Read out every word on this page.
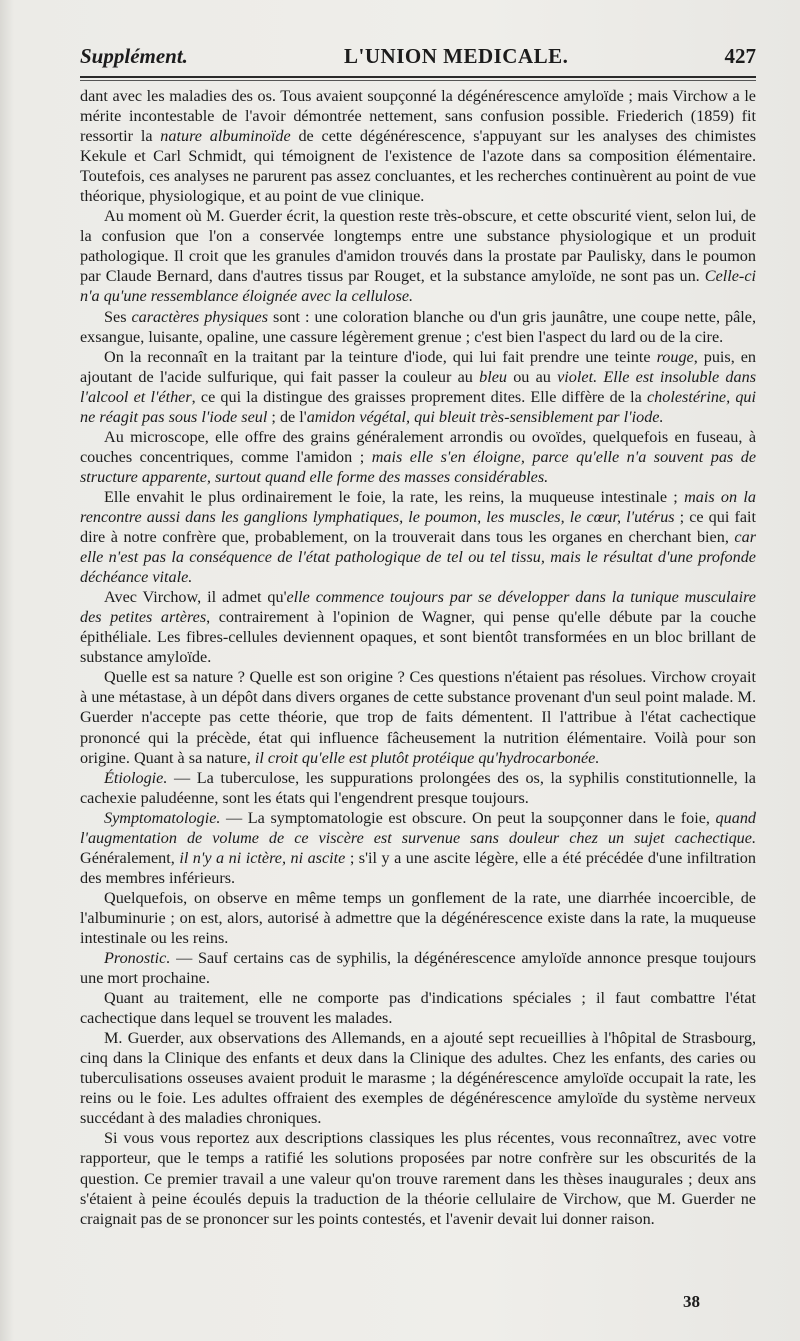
Supplément.	L'UNION MEDICALE.	427

dant avec les maladies des os. Tous avaient soupçonné la dégénérescence amyloïde ; mais Virchow a le mérite incontestable de l'avoir démontrée nettement, sans confusion possible. Friederich (1859) fit ressortir la nature albuminoïde de cette dégénérescence, s'appuyant sur les analyses des chimistes Kekule et Carl Schmidt, qui témoignent de l'existence de l'azote dans sa composition élémentaire. Toutefois, ces analyses ne parurent pas assez concluantes, et les recherches continuèrent au point de vue théorique, physiologique, et au point de vue clinique.

Au moment où M. Guerder écrit, la question reste très-obscure, et cette obscurité vient, selon lui, de la confusion que l'on a conservée longtemps entre une substance physiologique et un produit pathologique. Il croit que les granules d'amidon trouvés dans la prostate par Paulisky, dans le poumon par Claude Bernard, dans d'autres tissus par Rouget, et la substance amyloïde, ne sont pas un. Celle-ci n'a qu'une ressemblance éloignée avec la cellulose.

Ses caractères physiques sont : une coloration blanche ou d'un gris jaunâtre, une coupe nette, pâle, exsangue, luisante, opaline, une cassure légèrement grenue ; c'est bien l'aspect du lard ou de la cire.

On la reconnaît en la traitant par la teinture d'iode, qui lui fait prendre une teinte rouge, puis, en ajoutant de l'acide sulfurique, qui fait passer la couleur au bleu ou au violet. Elle est insoluble dans l'alcool et l'éther, ce qui la distingue des graisses proprement dites. Elle diffère de la cholestérine, qui ne réagit pas sous l'iode seul ; de l'amidon végétal, qui bleuit très-sensiblement par l'iode.

Au microscope, elle offre des grains généralement arrondis ou ovoïdes, quelquefois en fuseau, à couches concentriques, comme l'amidon ; mais elle s'en éloigne, parce qu'elle n'a souvent pas de structure apparente, surtout quand elle forme des masses considérables.

Elle envahit le plus ordinairement le foie, la rate, les reins, la muqueuse intestinale ; mais on la rencontre aussi dans les ganglions lymphatiques, le poumon, les muscles, le cœur, l'utérus ; ce qui fait dire à notre confrère que, probablement, on la trouverait dans tous les organes en cherchant bien, car elle n'est pas la conséquence de l'état pathologique de tel ou tel tissu, mais le résultat d'une profonde déchéance vitale.

Avec Virchow, il admet qu'elle commence toujours par se développer dans la tunique musculaire des petites artères, contrairement à l'opinion de Wagner, qui pense qu'elle débute par la couche épithéliale. Les fibres-cellules deviennent opaques, et sont bientôt transformées en un bloc brillant de substance amyloïde.

Quelle est sa nature ? Quelle est son origine ? Ces questions n'étaient pas résolues. Virchow croyait à une métastase, à un dépôt dans divers organes de cette substance provenant d'un seul point malade. M. Guerder n'accepte pas cette théorie, que trop de faits démentent. Il l'attribue à l'état cachectique prononcé qui la précède, état qui influence fâcheusement la nutrition élémentaire. Voilà pour son origine. Quant à sa nature, il croit qu'elle est plutôt protéique qu'hydrocarbonée.

Étiologie. — La tuberculose, les suppurations prolongées des os, la syphilis constitutionnelle, la cachexie paludéenne, sont les états qui l'engendrent presque toujours.

Symptomatologie. — La symptomatologie est obscure. On peut la soupçonner dans le foie, quand l'augmentation de volume de ce viscère est survenue sans douleur chez un sujet cachectique. Généralement, il n'y a ni ictère, ni ascite ; s'il y a une ascite légère, elle a été précédée d'une infiltration des membres inférieurs.

Quelquefois, on observe en même temps un gonflement de la rate, une diarrhée incoercible, de l'albuminurie ; on est, alors, autorisé à admettre que la dégénérescence existe dans la rate, la muqueuse intestinale ou les reins.

Pronostic. — Sauf certains cas de syphilis, la dégénérescence amyloïde annonce presque toujours une mort prochaine.

Quant au traitement, elle ne comporte pas d'indications spéciales ; il faut combattre l'état cachectique dans lequel se trouvent les malades.

M. Guerder, aux observations des Allemands, en a ajouté sept recueillies à l'hôpital de Strasbourg, cinq dans la Clinique des enfants et deux dans la Clinique des adultes. Chez les enfants, des caries ou tuberculisations osseuses avaient produit le marasme ; la dégénérescence amyloïde occupait la rate, les reins ou le foie. Les adultes offraient des exemples de dégénérescence amyloïde du système nerveux succédant à des maladies chroniques.

Si vous vous reportez aux descriptions classiques les plus récentes, vous reconnaîtrez, avec votre rapporteur, que le temps a ratifié les solutions proposées par notre confrère sur les obscurités de la question. Ce premier travail a une valeur qu'on trouve rarement dans les thèses inaugurales ; deux ans s'étaient à peine écoulés depuis la traduction de la théorie cellulaire de Virchow, que M. Guerder ne craignait pas de se prononcer sur les points contestés, et l'avenir devait lui donner raison.

38
